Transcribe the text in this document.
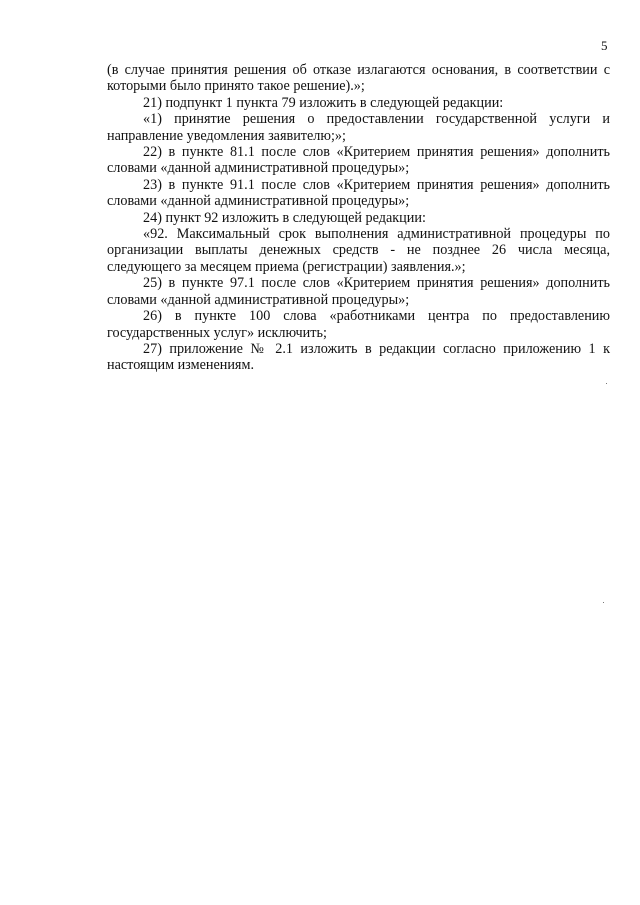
5

(в случае принятия решения об отказе излагаются основания, в соответствии с которыми было принято такое решение).»;

21) подпункт 1 пункта 79 изложить в следующей редакции:

«1) принятие решения о предоставлении государственной услуги и направление уведомления заявителю;»;

22) в пункте 81.1 после слов «Критерием принятия решения» дополнить словами «данной административной процедуры»;

23) в пункте 91.1 после слов «Критерием принятия решения» дополнить словами «данной административной процедуры»;

24) пункт 92 изложить в следующей редакции:

«92. Максимальный срок выполнения административной процедуры по организации выплаты денежных средств - не позднее 26 числа месяца, следующего за месяцем приема (регистрации) заявления.»;

25) в пункте 97.1 после слов «Критерием принятия решения» дополнить словами «данной административной процедуры»;

26) в пункте 100 слова «работниками центра по предоставлению государственных услуг» исключить;

27) приложение № 2.1 изложить в редакции согласно приложению 1 к настоящим изменениям.
